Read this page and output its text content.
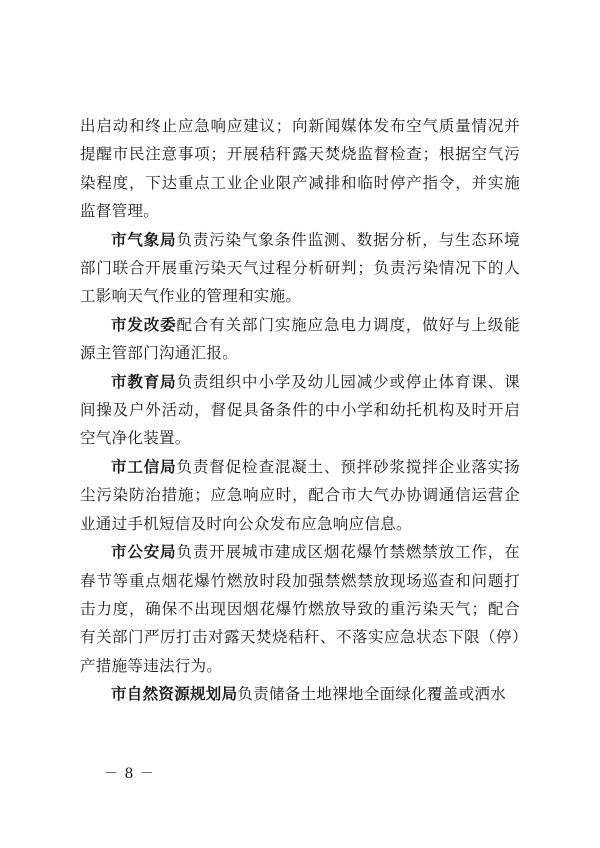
出启动和终止应急响应建议；向新闻媒体发布空气质量情况并提醒市民注意事项；开展秸秆露天焚烧监督检查；根据空气污染程度，下达重点工业企业限产减排和临时停产指令，并实施监督管理。

市气象局负责污染气象条件监测、数据分析，与生态环境部门联合开展重污染天气过程分析研判；负责污染情况下的人工影响天气作业的管理和实施。

市发改委配合有关部门实施应急电力调度，做好与上级能源主管部门沟通汇报。

市教育局负责组织中小学及幼儿园减少或停止体育课、课间操及户外活动，督促具备条件的中小学和幼托机构及时开启空气净化装置。

市工信局负责督促检查混凝土、预拌砂浆搅拌企业落实扬尘污染防治措施；应急响应时，配合市大气办协调通信运营企业通过手机短信及时向公众发布应急响应信息。

市公安局负责开展城市建成区烟花爆竹禁燃禁放工作，在春节等重点烟花爆竹燃放时段加强禁燃禁放现场巡查和问题打击力度，确保不出现因烟花爆竹燃放导致的重污染天气；配合有关部门严厉打击对露天焚烧秸秆、不落实应急状态下限（停）产措施等违法行为。

市自然资源规划局负责储备土地裸地全面绿化覆盖或洒水

－ 8 －
